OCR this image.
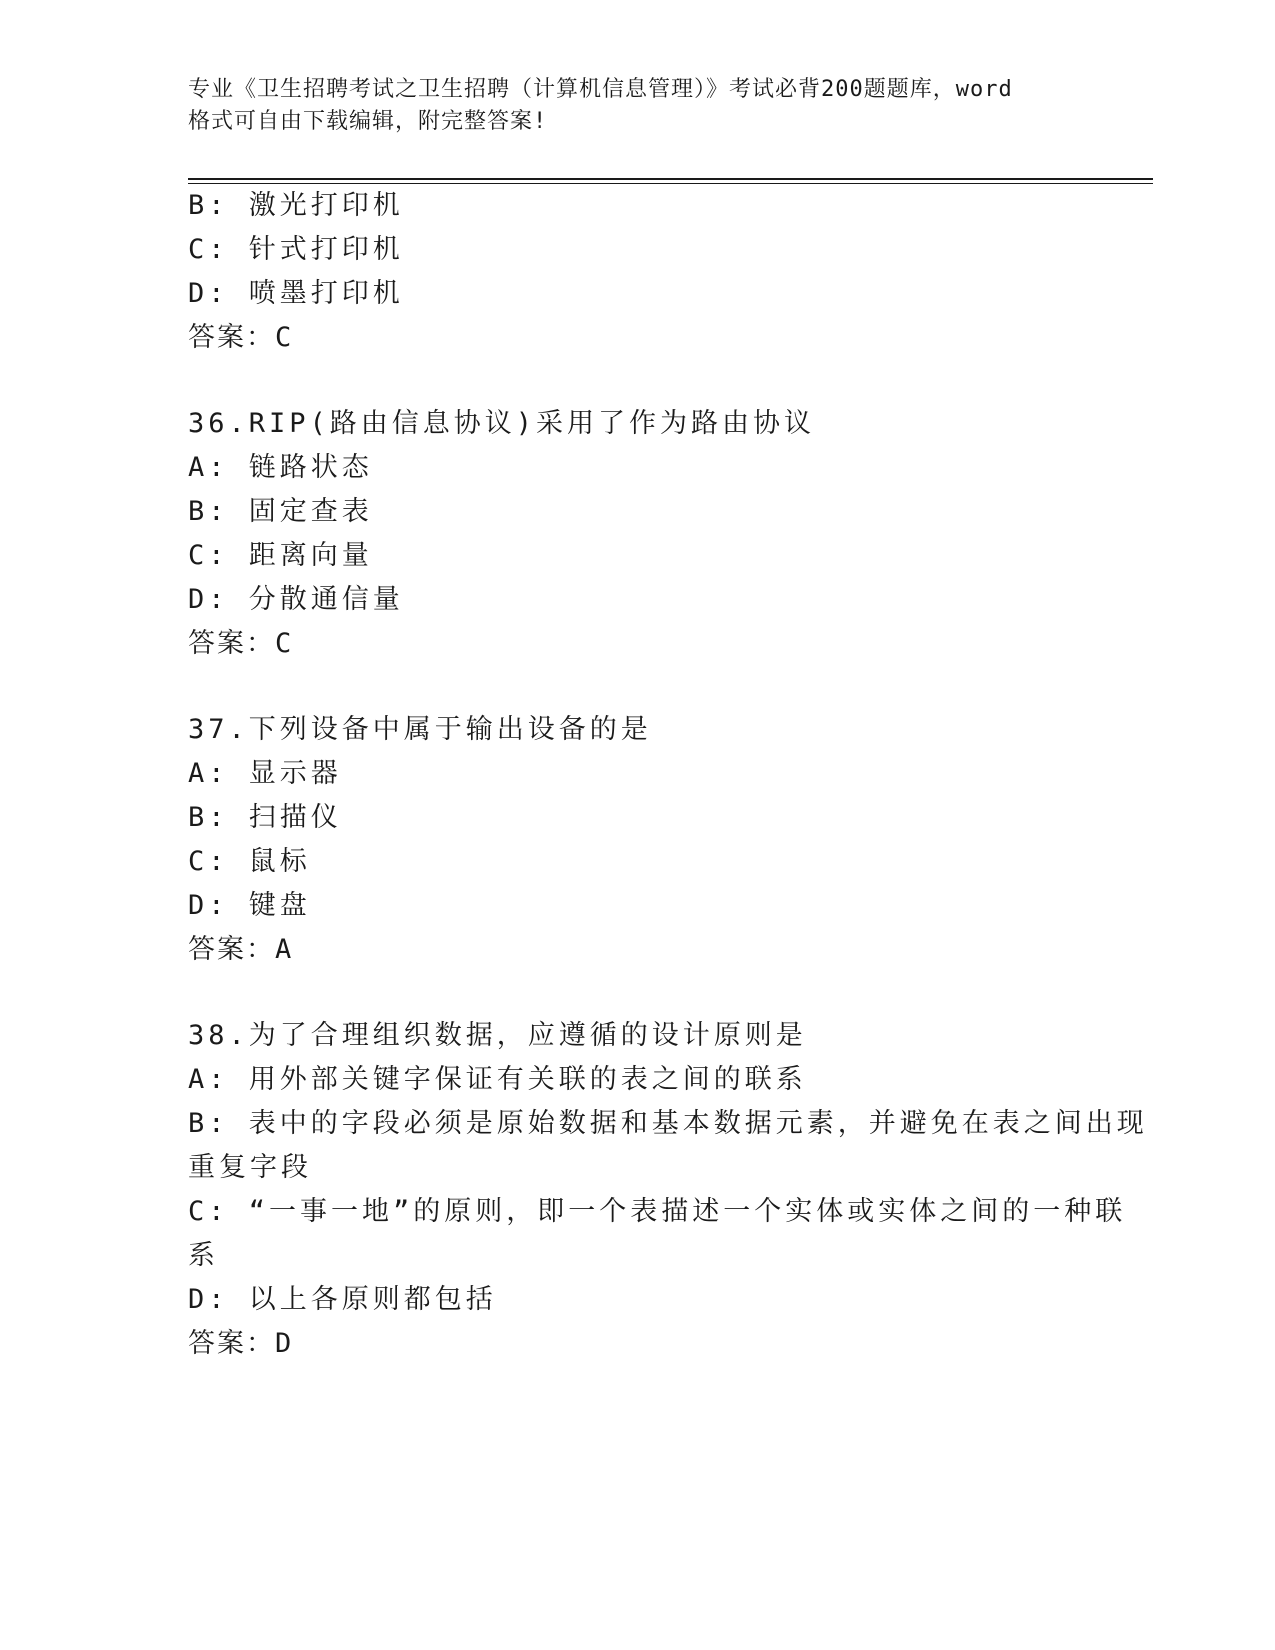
专业《卫生招聘考试之卫生招聘（计算机信息管理）》考试必背200题题库，word
格式可自由下载编辑，附完整答案!
B: 激光打印机
C: 针式打印机
D: 喷墨打印机
答案：C
36.RIP(路由信息协议)采用了作为路由协议
A: 链路状态
B: 固定查表
C: 距离向量
D: 分散通信量
答案：C
37.下列设备中属于输出设备的是
A: 显示器
B: 扫描仪
C: 鼠标
D: 键盘
答案：A
38.为了合理组织数据，应遵循的设计原则是
A: 用外部关键字保证有关联的表之间的联系
B: 表中的字段必须是原始数据和基本数据元素，并避免在表之间出现
重复字段
C: “一事一地”的原则，即一个表描述一个实体或实体之间的一种联
系
D: 以上各原则都包括
答案：D
